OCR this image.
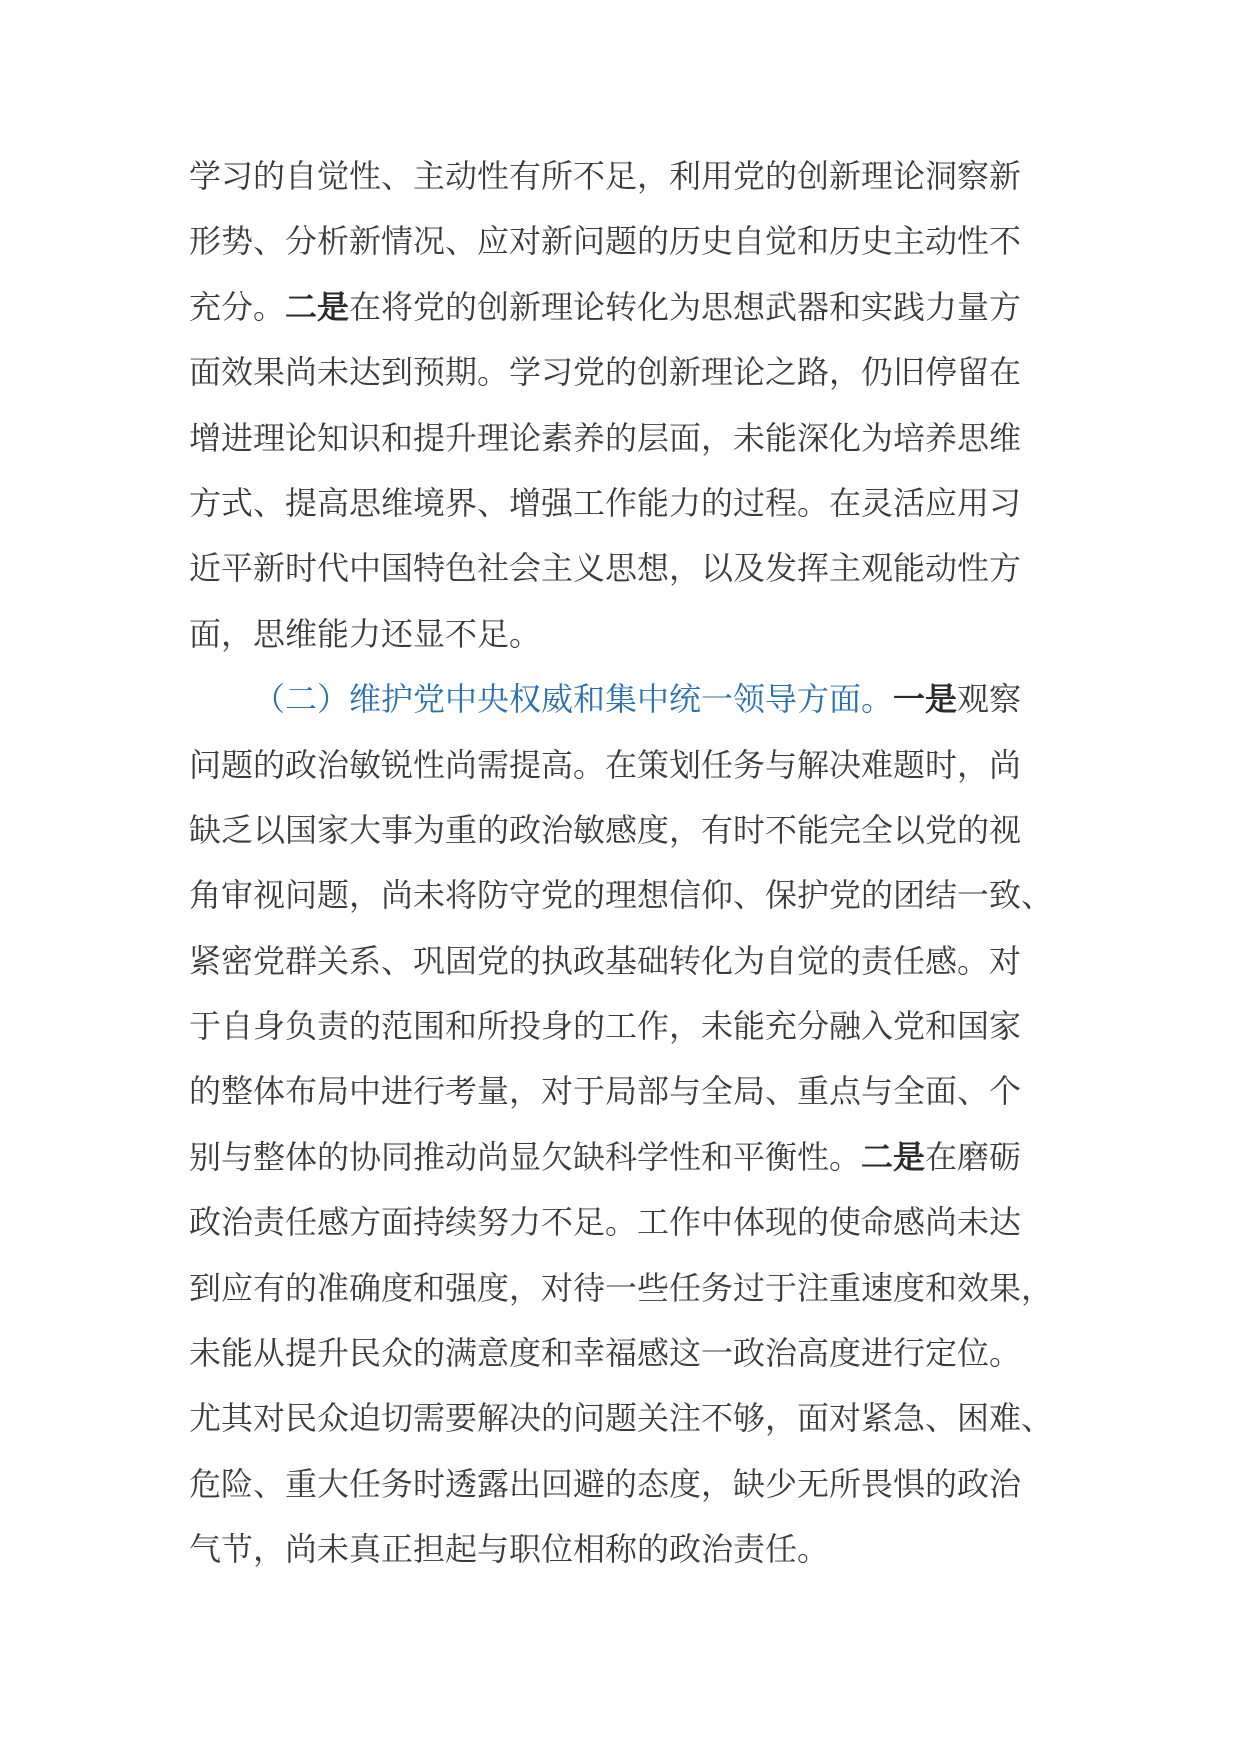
学习的自觉性、主动性有所不足，利用党的创新理论洞察新
形势、分析新情况、应对新问题的历史自觉和历史主动性不
充分。二是在将党的创新理论转化为思想武器和实践力量方
面效果尚未达到预期。学习党的创新理论之路，仍旧停留在
增进理论知识和提升理论素养的层面，未能深化为培养思维
方式、提高思维境界、增强工作能力的过程。在灵活应用习
近平新时代中国特色社会主义思想，以及发挥主观能动性方
面，思维能力还显不足。
（二）维护党中央权威和集中统一领导方面。一是观察
问题的政治敏锐性尚需提高。在策划任务与解决难题时，尚
缺乏以国家大事为重的政治敏感度，有时不能完全以党的视
角审视问题，尚未将防守党的理想信仰、保护党的团结一致、
紧密党群关系、巩固党的执政基础转化为自觉的责任感。对
于自身负责的范围和所投身的工作，未能充分融入党和国家
的整体布局中进行考量，对于局部与全局、重点与全面、个
别与整体的协同推动尚显欠缺科学性和平衡性。二是在磨砺
政治责任感方面持续努力不足。工作中体现的使命感尚未达
到应有的准确度和强度，对待一些任务过于注重速度和效果，
未能从提升民众的满意度和幸福感这一政治高度进行定位。
尤其对民众迫切需要解决的问题关注不够，面对紧急、困难、
危险、重大任务时透露出回避的态度，缺少无所畏惧的政治
气节，尚未真正担起与职位相称的政治责任。
